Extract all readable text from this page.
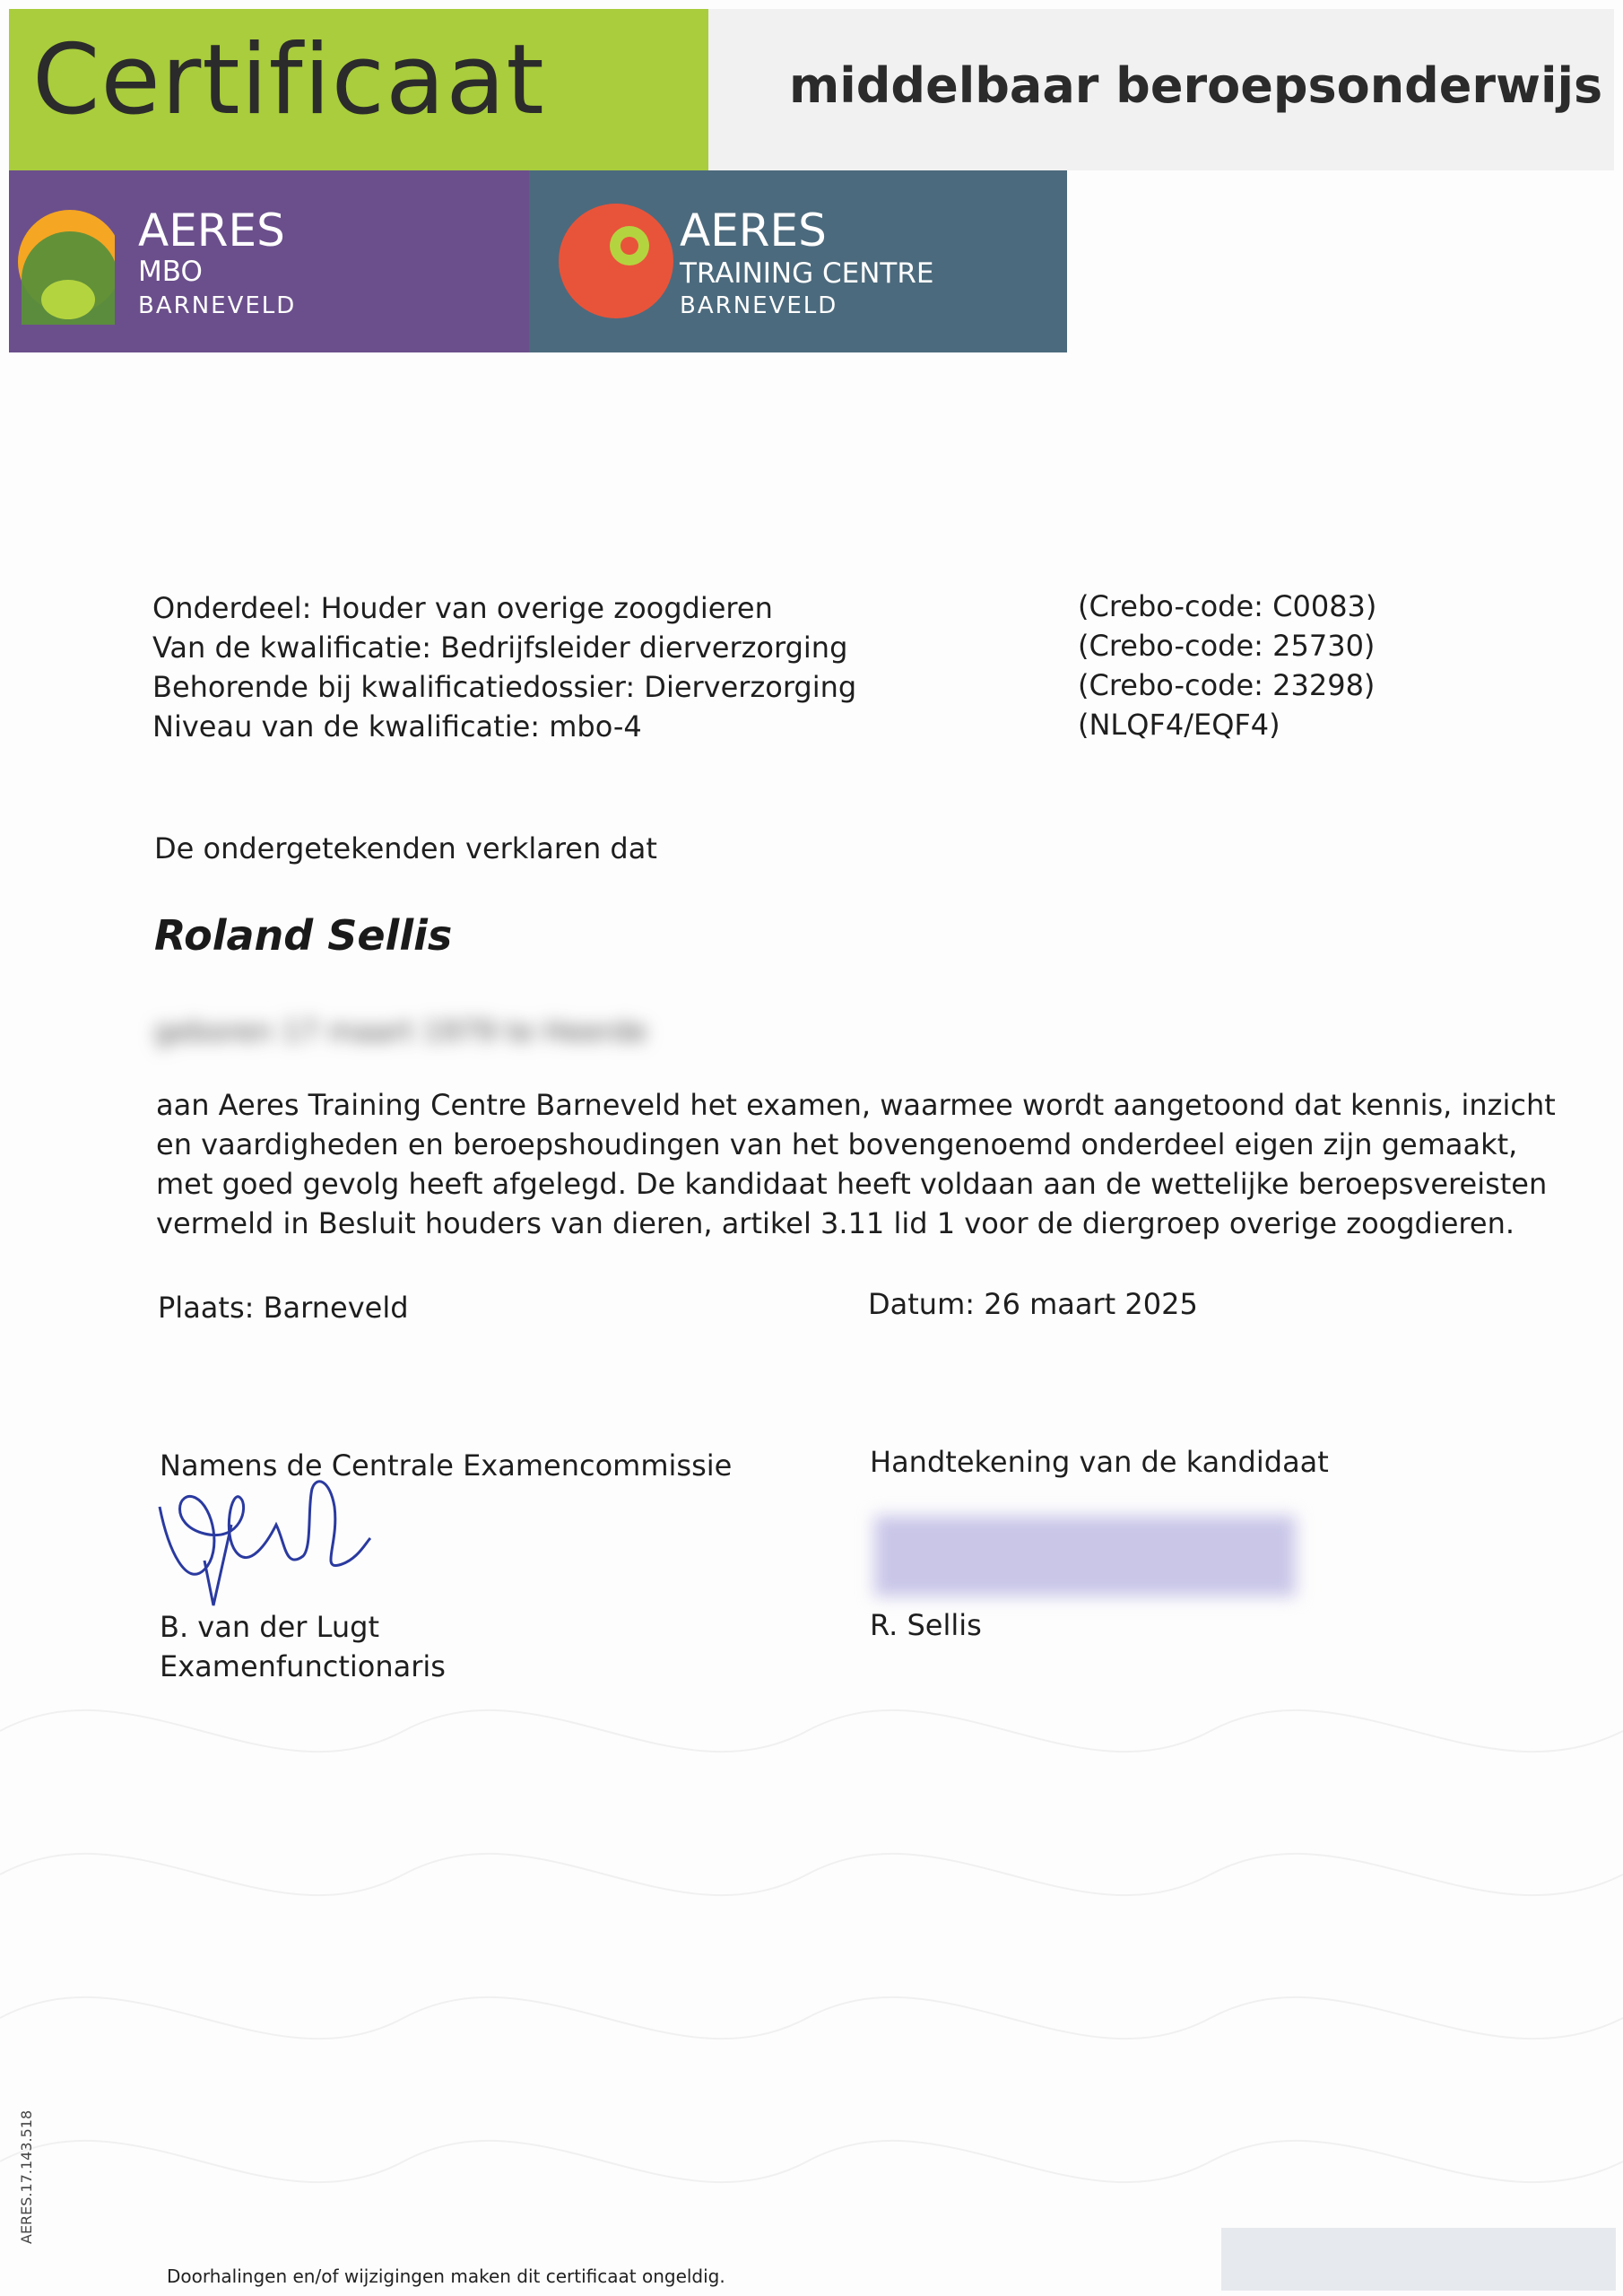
Certificaat	middelbaar beroepsonderwijs
AERES
MBO
BARNEVELD
AERES
TRAINING CENTRE
BARNEVELD
Onderdeel: Houder van overige zoogdieren
Van de kwalificatie: Bedrijfsleider dierverzorging
Behorende bij kwalificatiedossier: Dierverzorging
Niveau van de kwalificatie: mbo-4
(Crebo-code: C0083)
(Crebo-code: 25730)
(Crebo-code: 23298)
(NLQF4/EQF4)
De ondergetekenden verklaren dat
Roland Sellis
geboren 17 maart 1979 te Heerde
aan Aeres Training Centre Barneveld het examen, waarmee wordt aangetoond dat kennis, inzicht
en vaardigheden en beroepshoudingen van het bovengenoemd onderdeel eigen zijn gemaakt,
met goed gevolg heeft afgelegd. De kandidaat heeft voldaan aan de wettelijke beroepsvereisten
vermeld in Besluit houders van dieren, artikel 3.11 lid 1 voor de diergroep overige zoogdieren.
Plaats: Barneveld	Datum: 26 maart 2025
Namens de Centrale Examencommissie
B. van der Lugt
Examenfunctionaris
Handtekening van de kandidaat
R. Sellis
AERES.17.143.518
Doorhalingen en/of wijzigingen maken dit certificaat ongeldig.
